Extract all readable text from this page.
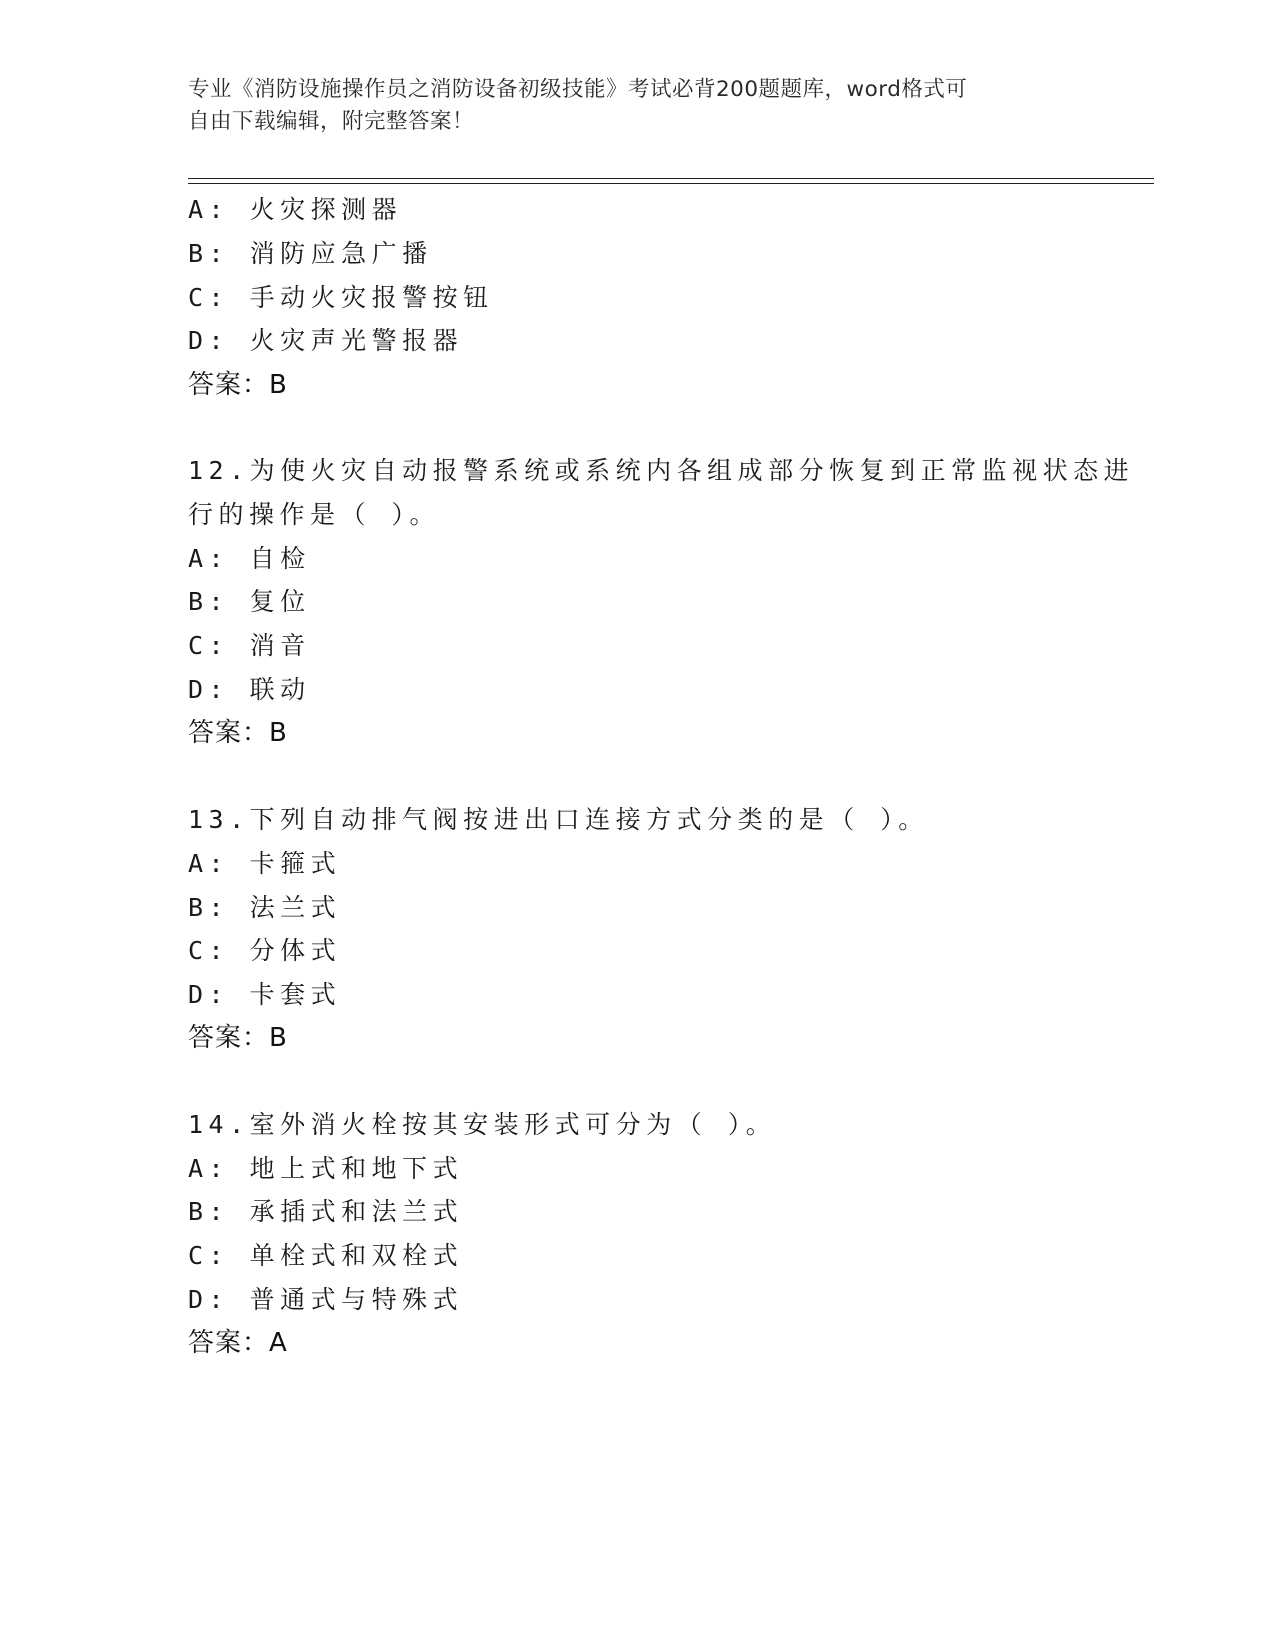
专业《消防设施操作员之消防设备初级技能》考试必背200题题库，word格式可
自由下载编辑，附完整答案！
A: 火灾探测器
B: 消防应急广播
C: 手动火灾报警按钮
D: 火灾声光警报器
答案：B
12.为使火灾自动报警系统或系统内各组成部分恢复到正常监视状态进
行的操作是（ ）。
A: 自检
B: 复位
C: 消音
D: 联动
答案：B
13.下列自动排气阀按进出口连接方式分类的是（ ）。
A: 卡箍式
B: 法兰式
C: 分体式
D: 卡套式
答案：B
14.室外消火栓按其安装形式可分为（ ）。
A: 地上式和地下式
B: 承插式和法兰式
C: 单栓式和双栓式
D: 普通式与特殊式
答案：A
